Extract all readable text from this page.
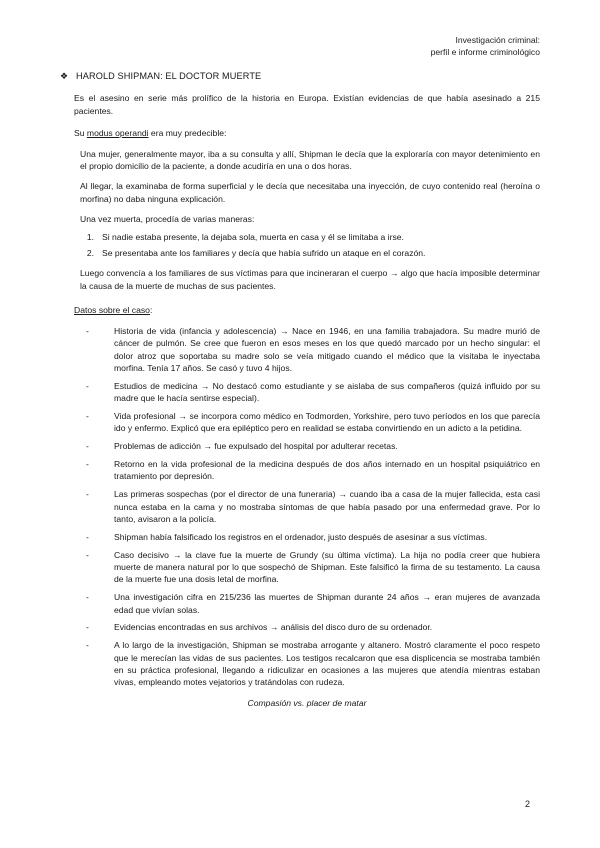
Investigación criminal:
perfil e informe criminológico
❖ HAROLD SHIPMAN: EL DOCTOR MUERTE

Es el asesino en serie más prolífico de la historia en Europa. Existían evidencias de que había asesinado a 215 pacientes.

Su modus operandi era muy predecible:

Una mujer, generalmente mayor, iba a su consulta y allí, Shipman le decía que la exploraría con mayor detenimiento en el propio domicilio de la paciente, a donde acudiría en una o dos horas.

Al llegar, la examinaba de forma superficial y le decía que necesitaba una inyección, de cuyo contenido real (heroína o morfina) no daba ninguna explicación.

Una vez muerta, procedía de varias maneras:

1. Si nadie estaba presente, la dejaba sola, muerta en casa y él se limitaba a irse.
2. Se presentaba ante los familiares y decía que había sufrido un ataque en el corazón.

Luego convencía a los familiares de sus víctimas para que incineraran el cuerpo → algo que hacía imposible determinar la causa de la muerte de muchas de sus pacientes.

Datos sobre el caso:
-	Historia de vida (infancia y adolescencia) → Nace en 1946, en una familia trabajadora. Su madre murió de cáncer de pulmón. Se cree que fueron en esos meses en los que quedó marcado por un hecho singular: el dolor atroz que soportaba su madre solo se veía mitigado cuando el médico que la visitaba le inyectaba morfina. Tenía 17 años. Se casó y tuvo 4 hijos.
-	Estudios de medicina → No destacó como estudiante y se aislaba de sus compañeros (quizá influido por su madre que le hacía sentirse especial).
-	Vida profesional → se incorpora como médico en Todmorden, Yorkshire, pero tuvo períodos en los que parecía ido y enfermo. Explicó que era epiléptico pero en realidad se estaba convirtiendo en un adicto a la petidina.
-	Problemas de adicción → fue expulsado del hospital por adulterar recetas.
-	Retorno en la vida profesional de la medicina después de dos años internado en un hospital psiquiátrico en tratamiento por depresión.
-	Las primeras sospechas (por el director de una funeraria) → cuando iba a casa de la mujer fallecida, esta casi nunca estaba en la cama y no mostraba síntomas de que había pasado por una enfermedad grave. Por lo tanto, avisaron a la policía.
-	Shipman había falsificado los registros en el ordenador, justo después de asesinar a sus víctimas.
-	Caso decisivo → la clave fue la muerte de Grundy (su última víctima). La hija no podía creer que hubiera muerte de manera natural por lo que sospechó de Shipman. Este falsificó la firma de su testamento. La causa de la muerte fue una dosis letal de morfina.
-	Una investigación cifra en 215/236 las muertes de Shipman durante 24 años → eran mujeres de avanzada edad que vivían solas.
-	Evidencias encontradas en sus archivos → análisis del disco duro de su ordenador.
-	A lo largo de la investigación, Shipman se mostraba arrogante y altanero. Mostró claramente el poco respeto que le merecían las vidas de sus pacientes. Los testigos recalcaron que esa displicencia se mostraba también en su práctica profesional, llegando a ridiculizar en ocasiones a las mujeres que atendía mientras estaban vivas, empleando motes vejatorios y tratándolas con rudeza.
Compasión vs. placer de matar
2
